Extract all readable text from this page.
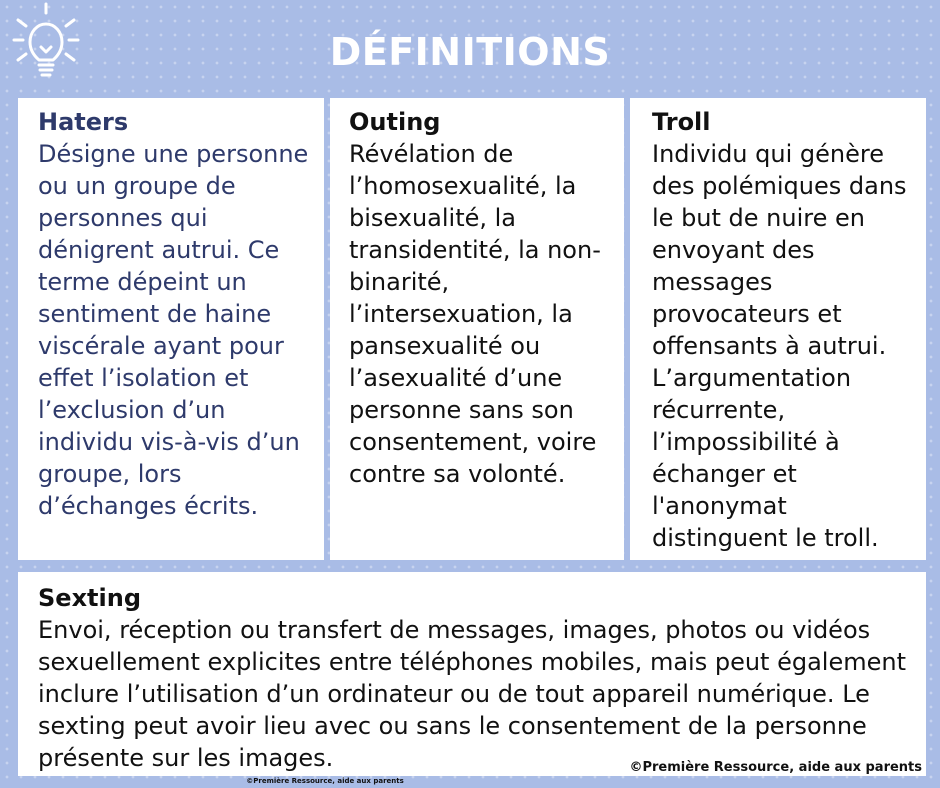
DÉFINITIONS
Haters
Désigne une personne ou un groupe de personnes qui dénigrent autrui. Ce terme dépeint un sentiment de haine viscérale ayant pour effet l’isolation et l’exclusion d’un individu vis-à-vis d’un groupe, lors d’échanges écrits.
Outing
Révélation de l’homosexualité, la bisexualité, la transidentité, la non-binarité, l’intersexuation, la pansexualité ou l’asexualité d’une personne sans son consentement, voire contre sa volonté.
Troll
Individu qui génère des polémiques dans le but de nuire en envoyant des messages provocateurs et offensants à autrui. L’argumentation récurrente, l’impossibilité à échanger et l'anonymat distinguent le troll.
Sexting
Envoi, réception ou transfert de messages, images, photos ou vidéos sexuellement explicites entre téléphones mobiles, mais peut également inclure l’utilisation d’un ordinateur ou de tout appareil numérique. Le sexting peut avoir lieu avec ou sans le consentement de la personne présente sur les images.	©Première Ressource, aide aux parents
©Première Ressource, aide aux parents
